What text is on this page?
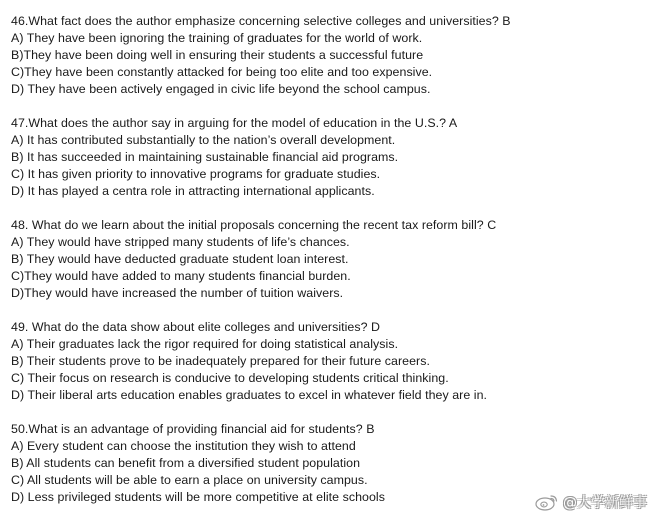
46.What fact does the author emphasize concerning selective colleges and universities? B
A) They have been ignoring the training of graduates for the world of work.
B)They have been doing well in ensuring their students a successful future
C)They have been constantly attacked for being too elite and too expensive.
D) They have been actively engaged in civic life beyond the school campus.
47.What does the author say in arguing for the model of education in the U.S.? A
A) It has contributed substantially to the nation’s overall development.
B) It has succeeded in maintaining sustainable financial aid programs.
C) It has given priority to innovative programs for graduate studies.
D) It has played a centra role in attracting international applicants.
48. What do we learn about the initial proposals concerning the recent tax reform bill? C
A) They would have stripped many students of life’s chances.
B) They would have deducted graduate student loan interest.
C)They would have added to many students financial burden.
D)They would have increased the number of tuition waivers.
49. What do the data show about elite colleges and universities? D
A) Their graduates lack the rigor required for doing statistical analysis.
B) Their students prove to be inadequately prepared for their future careers.
C) Their focus on research is conducive to developing students critical thinking.
D) Their liberal arts education enables graduates to excel in whatever field they are in.
50.What is an advantage of providing financial aid for students? B
A) Every student can choose the institution they wish to attend
B) All students can benefit from a diversified student population
C) All students will be able to earn a place on university campus.
D) Less privileged students will be more competitive at elite schools	@大学新鲜事
